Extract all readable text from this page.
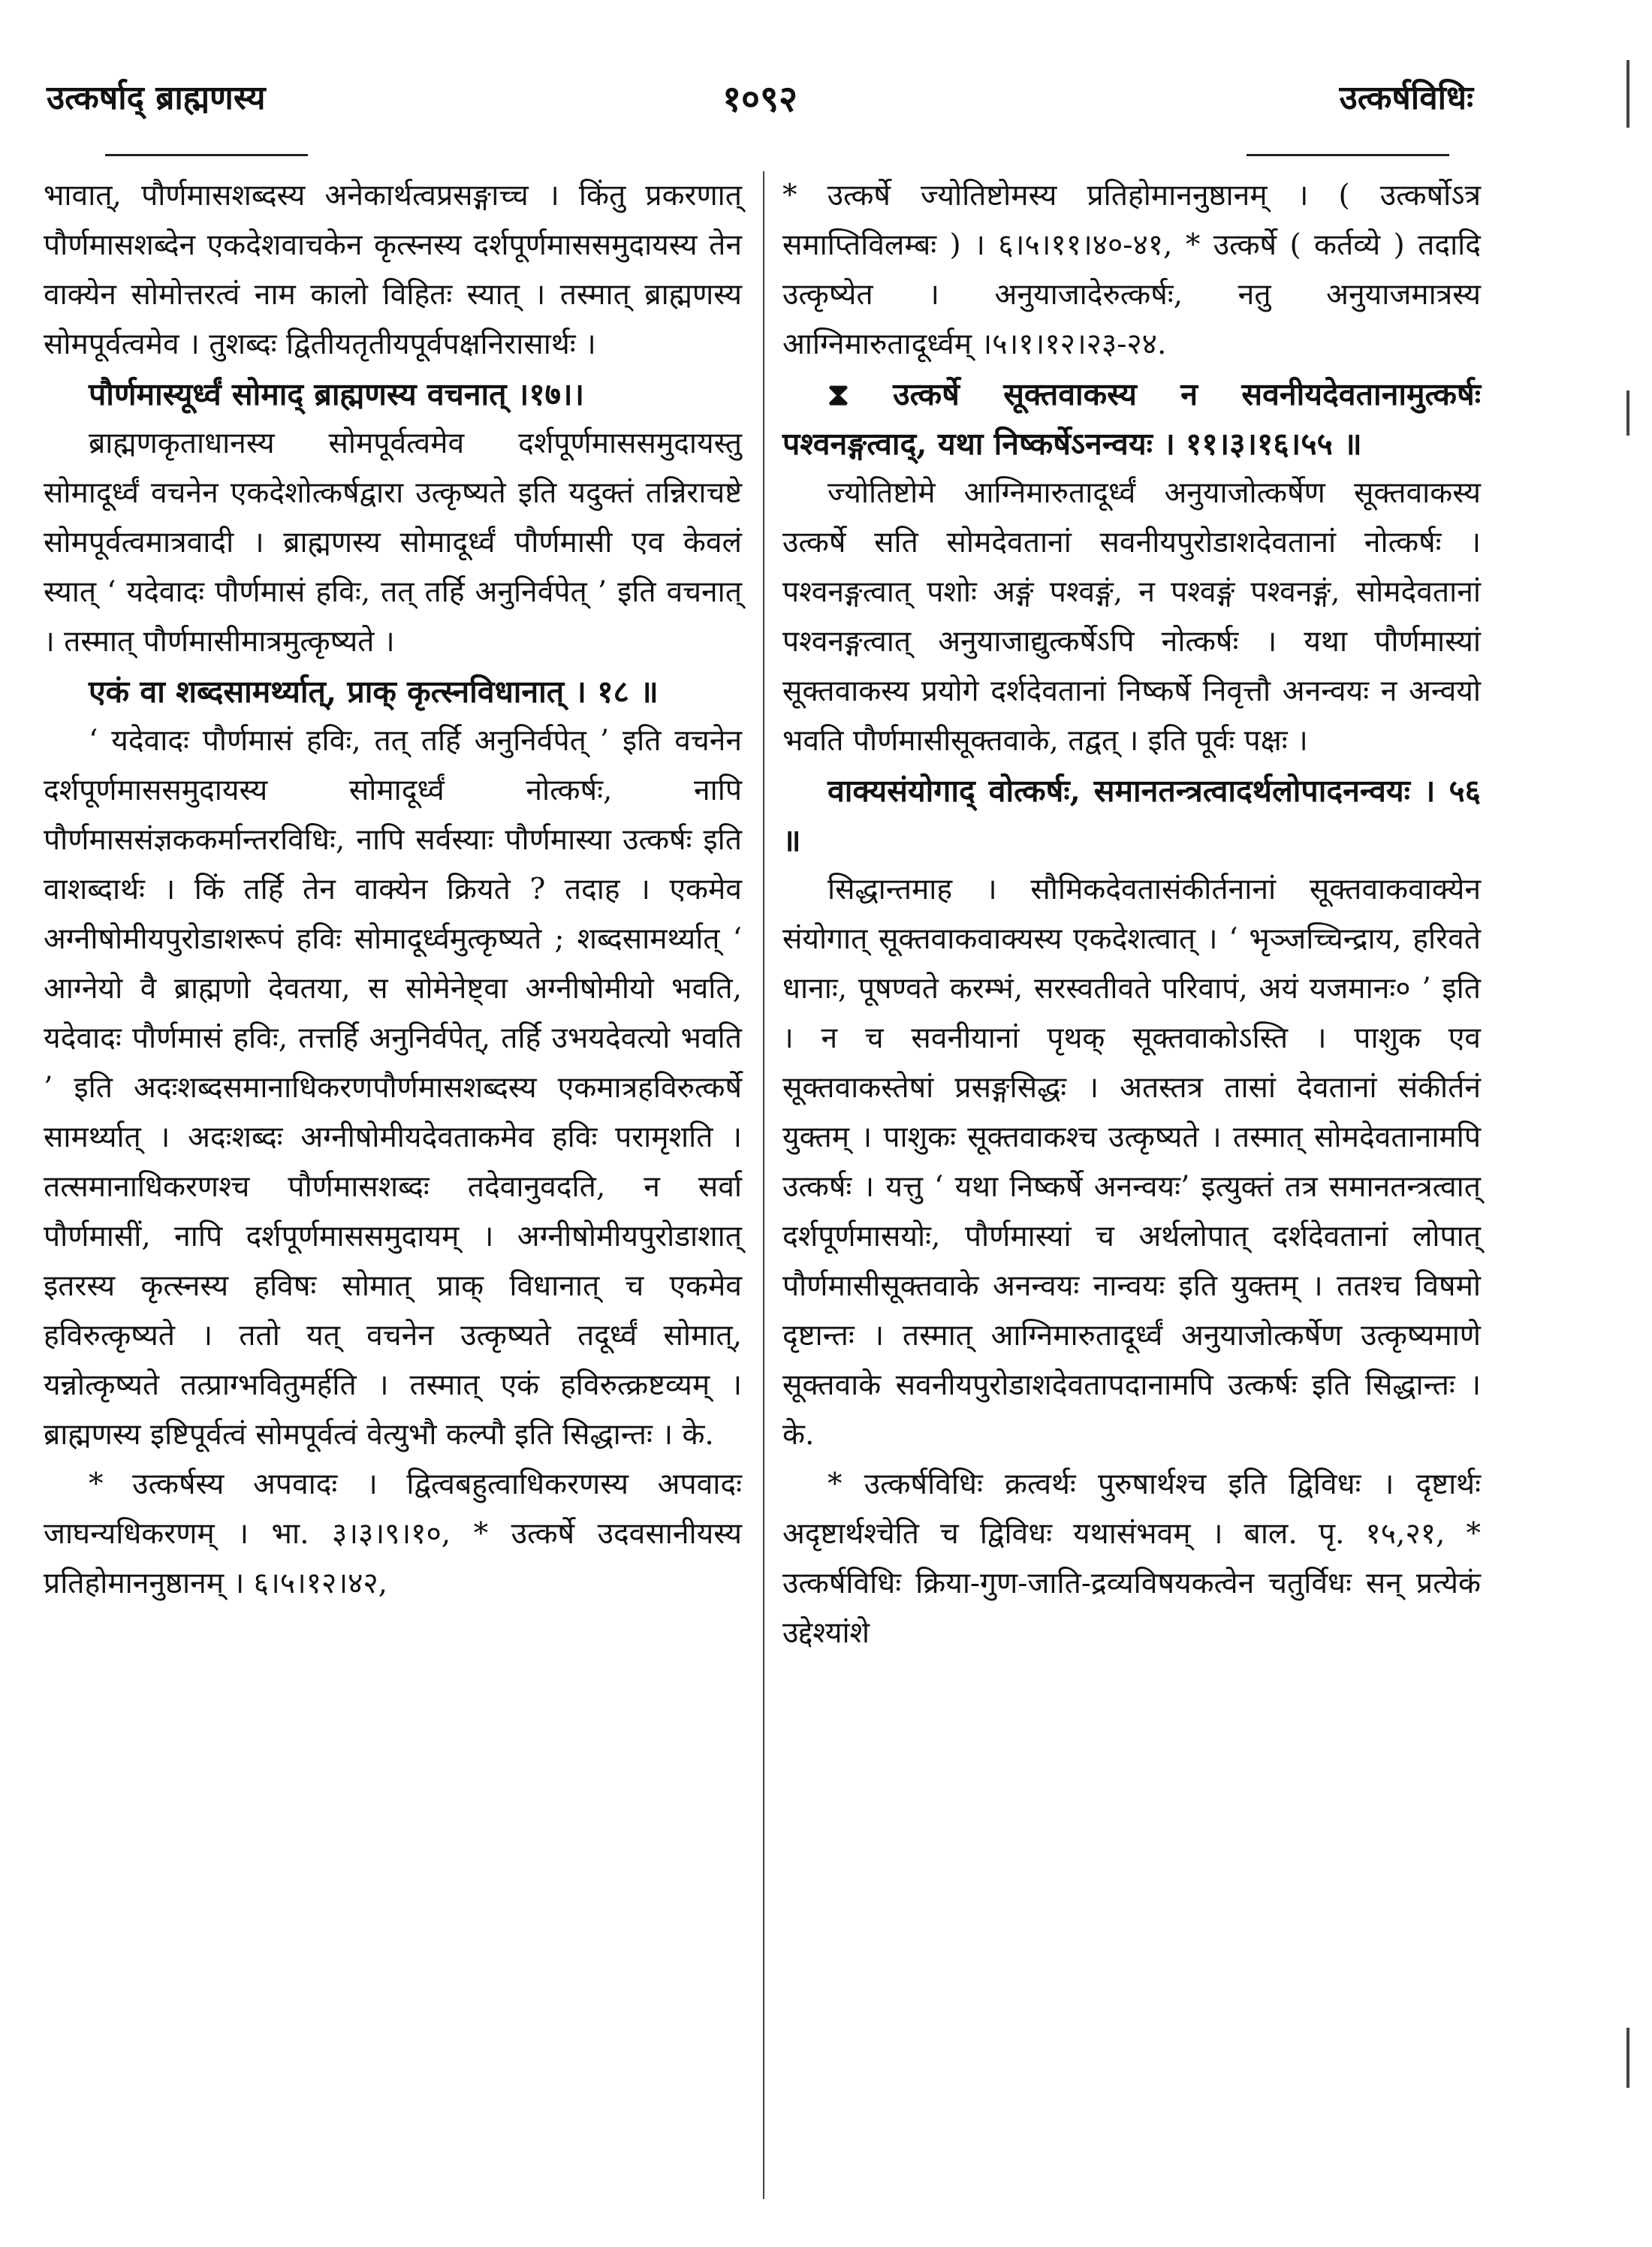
उत्कर्षाद् ब्राह्मणस्य	१०९२	उत्कर्षविधिः

भावात्, पौर्णमासशब्दस्य अनेकार्थत्वप्रसङ्गाच्च । किंतु प्रकरणात् पौर्णमासशब्देन एकदेशवाचकेन कृत्स्नस्य दर्शपूर्णमाससमुदायस्य तेन वाक्येन सोमोत्तरत्वं नाम कालो विहितः स्यात् । तस्मात् ब्राह्मणस्य सोमपूर्वत्वमेव । तुशब्दः द्वितीयतृतीयपूर्वपक्षनिरासार्थः ।

पौर्णमास्यूर्ध्वं सोमाद् ब्राह्मणस्य वचनात् ।१७।।

ब्राह्मणकृताधानस्य सोमपूर्वत्वमेव दर्शपूर्णमाससमुदायस्तु सोमादूर्ध्वं वचनेन एकदेशोत्कर्षद्वारा उत्कृष्यते इति यदुक्तं तन्निराचष्टे सोमपूर्वत्वमात्रवादी । ब्राह्मणस्य सोमादूर्ध्वं पौर्णमासी एव केवलं स्यात् ‘ यदेवादः पौर्णमासं हविः, तत् तर्हि अनुनिर्वपेत् ’ इति वचनात् । तस्मात् पौर्णमासीमात्रमुत्कृष्यते ।

एकं वा शब्दसामर्थ्यात्, प्राक् कृत्स्नविधानात् । १८ ॥

‘ यदेवादः पौर्णमासं हविः, तत् तर्हि अनुनिर्वपेत् ’ इति वचनेन दर्शपूर्णमाससमुदायस्य सोमादूर्ध्वं नोत्कर्षः, नापि पौर्णमाससंज्ञककर्मान्तरविधिः, नापि सर्वस्याः पौर्णमास्या उत्कर्षः इति वाशब्दार्थः । किं तर्हि तेन वाक्येन क्रियते ? तदाह । एकमेव अग्नीषोमीयपुरोडाशरूपं हविः सोमादूर्ध्वमुत्कृष्यते ; शब्दसामर्थ्यात् ‘ आग्नेयो वै ब्राह्मणो देवतया, स सोमेनेष्ट्वा अग्नीषोमीयो भवति, यदेवादः पौर्णमासं हविः, तत्तर्हि अनुनिर्वपेत्, तर्हि उभयदेवत्यो भवति ’ इति अदःशब्दसमानाधिकरणपौर्णमासशब्दस्य एकमात्रहविरुत्कर्षे सामर्थ्यात् । अदःशब्दः अग्नीषोमीयदेवताकमेव हविः परामृशति । तत्समानाधिकरणश्च पौर्णमासशब्दः तदेवानुवदति, न सर्वा पौर्णमासीं, नापि दर्शपूर्णमाससमुदायम् । अग्नीषोमीयपुरोडाशात् इतरस्य कृत्स्नस्य हविषः सोमात् प्राक् विधानात् च एकमेव हविरुत्कृष्यते । ततो यत् वचनेन उत्कृष्यते तदूर्ध्वं सोमात्, यन्नोत्कृष्यते तत्प्राग्भवितुमर्हति । तस्मात् एकं हविरुत्क्रष्टव्यम् । ब्राह्मणस्य इष्टिपूर्वत्वं सोमपूर्वत्वं वेत्युभौ कल्पौ इति सिद्धान्तः । के.

* उत्कर्षस्य अपवादः । द्वित्वबहुत्वाधिकरणस्य अपवादः जाघन्यधिकरणम् । भा. ३।३।९।१०, * उत्कर्षे उदवसानीयस्य प्रतिहोमाननुष्ठानम् । ६।५।१२।४२,

* उत्कर्षे ज्योतिष्टोमस्य प्रतिहोमाननुष्ठानम् । ( उत्कर्षोऽत्र समाप्तिविलम्बः ) । ६।५।११।४०-४१, * उत्कर्षे ( कर्तव्ये ) तदादि उत्कृष्येत । अनुयाजादेरुत्कर्षः, नतु अनुयाजमात्रस्य आग्निमारुतादूर्ध्वम् ।५।१।१२।२३-२४.

⧗ उत्कर्षे सूक्तवाकस्य न सवनीयदेवतानामुत्कर्षः पश्वनङ्गत्वाद्, यथा निष्कर्षेऽनन्वयः । ११।३।१६।५५ ॥

ज्योतिष्टोमे आग्निमारुतादूर्ध्वं अनुयाजोत्कर्षेण सूक्तवाकस्य उत्कर्षे सति सोमदेवतानां सवनीयपुरोडाशदेवतानां नोत्कर्षः । पश्वनङ्गत्वात् पशोः अङ्गं पश्वङ्गं, न पश्वङ्गं पश्वनङ्गं, सोमदेवतानां पश्वनङ्गत्वात् अनुयाजाद्युत्कर्षेऽपि नोत्कर्षः । यथा पौर्णमास्यां सूक्तवाकस्य प्रयोगे दर्शदेवतानां निष्कर्षे निवृत्तौ अनन्वयः न अन्वयो भवति पौर्णमासीसूक्तवाके, तद्वत् । इति पूर्वः पक्षः ।

वाक्यसंयोगाद् वोत्कर्षः, समानतन्त्रत्वादर्थलोपादनन्वयः । ५६ ॥

सिद्धान्तमाह । सौमिकदेवतासंकीर्तनानां सूक्तवाकवाक्येन संयोगात् सूक्तवाकवाक्यस्य एकदेशत्वात् । ‘ भृञ्जच्चिन्द्राय, हरिवते धानाः, पूषण्वते करम्भं, सरस्वतीवते परिवापं, अयं यजमानः० ’ इति । न च सवनीयानां पृथक् सूक्तवाकोऽस्ति । पाशुक एव सूक्तवाकस्तेषां प्रसङ्गसिद्धः । अतस्तत्र तासां देवतानां संकीर्तनं युक्तम् । पाशुकः सूक्तवाकश्च उत्कृष्यते । तस्मात् सोमदेवतानामपि उत्कर्षः । यत्तु ‘ यथा निष्कर्षे अनन्वयः’ इत्युक्तं तत्र समानतन्त्रत्वात् दर्शपूर्णमासयोः, पौर्णमास्यां च अर्थलोपात् दर्शदेवतानां लोपात् पौर्णमासीसूक्तवाके अनन्वयः नान्वयः इति युक्तम् । ततश्च विषमो दृष्टान्तः । तस्मात् आग्निमारुतादूर्ध्वं अनुयाजोत्कर्षेण उत्कृष्यमाणे सूक्तवाके सवनीयपुरोडाशदेवतापदानामपि उत्कर्षः इति सिद्धान्तः । के.

* उत्कर्षविधिः क्रत्वर्थः पुरुषार्थश्च इति द्विविधः । दृष्टार्थः अदृष्टार्थश्चेति च द्विविधः यथासंभवम् । बाल. पृ. १५,२१, * उत्कर्षविधिः क्रिया-गुण-जाति-द्रव्यविषयकत्वेन चतुर्विधः सन् प्रत्येकं उद्देश्यांशे
